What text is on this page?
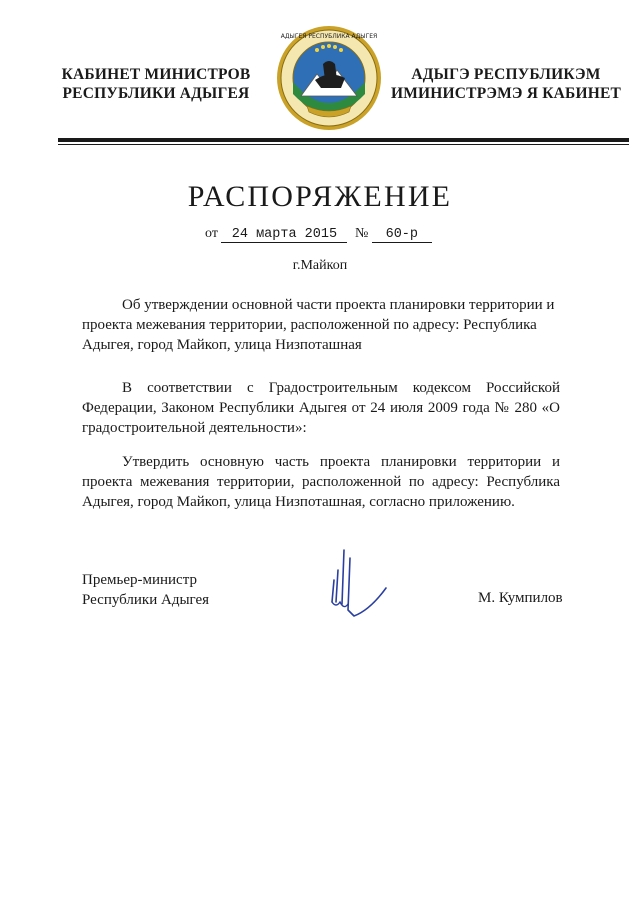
КАБИНЕТ МИНИСТРОВ
РЕСПУБЛИКИ АДЫГЕЯ
АДЫГЕЯ РЕСПУБЛИКА АДЫГЕЯ
АДЫГЭ РЕСПУБЛИКЭМ
ИМИНИСТРЭМЭ Я КАБИНЕТ
РАСПОРЯЖЕНИЕ
от 24 марта 2015 № 60-р
г.Майкоп
Об утверждении основной части проекта планировки территории и проекта межевания территории, расположенной по адресу: Республика Адыгея, город Майкоп, улица Низпоташная
В соответствии с Градостроительным кодексом Российской Федерации, Законом Республики Адыгея от 24 июля 2009 года № 280 «О градостроительной деятельности»:
Утвердить основную часть проекта планировки территории и проекта межевания территории, расположенной по адресу: Республика Адыгея, город Майкоп, улица Низпоташная, согласно приложению.
Премьер-министр
Республики Адыгея	М. Кумпилов
